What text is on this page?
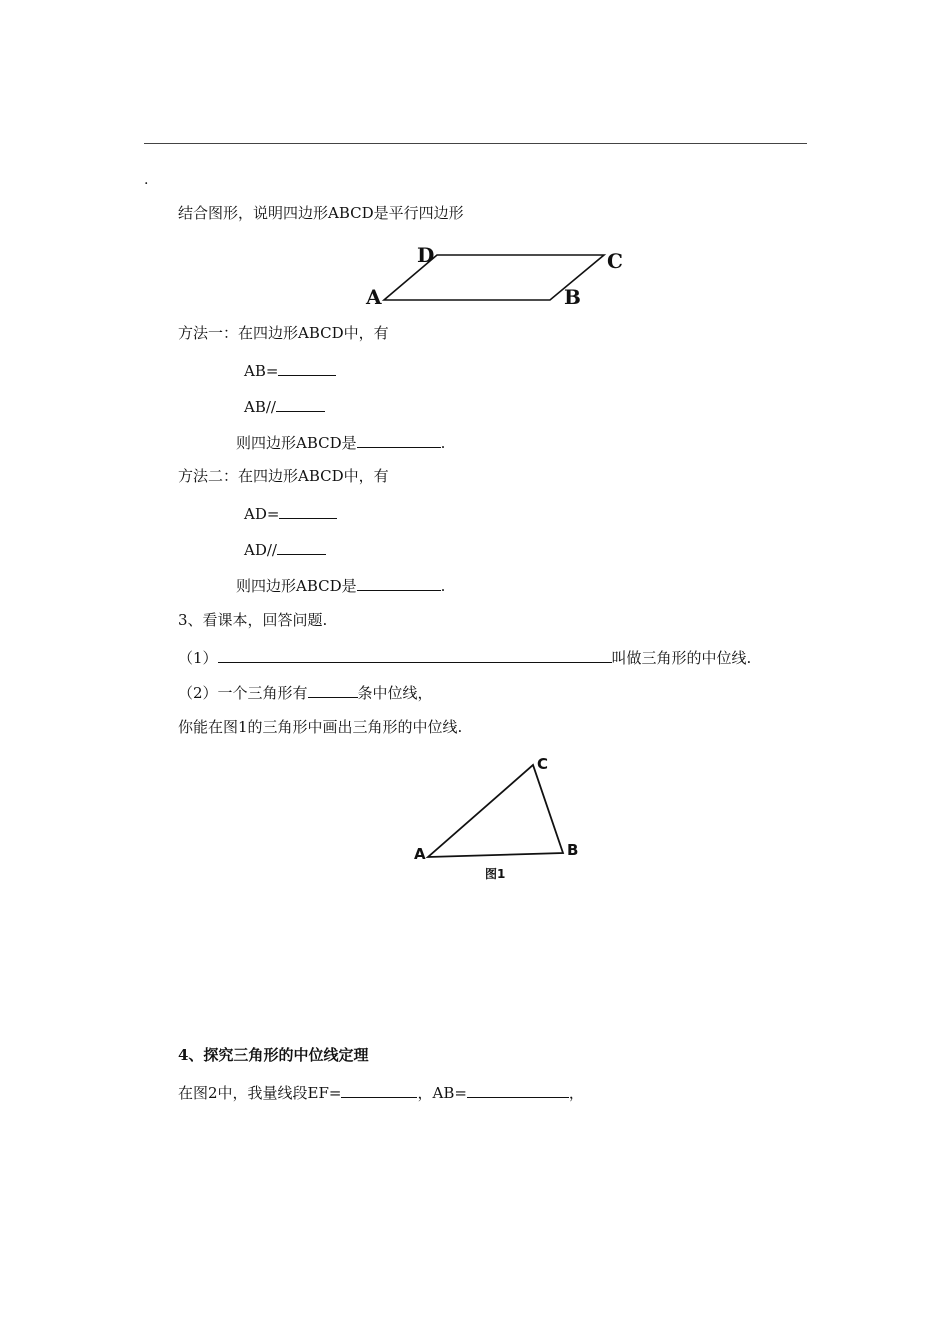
.
结合图形，说明四边形ABCD是平行四边形
D	C
A	B
方法一：在四边形ABCD中，有
AB=
AB//
则四边形ABCD是	.
方法二：在四边形ABCD中，有
AD=
AD//
则四边形ABCD是	.
3、看课本，回答问题.
（1）	叫做三角形的中位线.
（2）一个三角形有	条中位线，
你能在图1的三角形中画出三角形的中位线.
C
A	B
图1
4、探究三角形的中位线定理
在图2中，我量线段EF=	，AB=	，
